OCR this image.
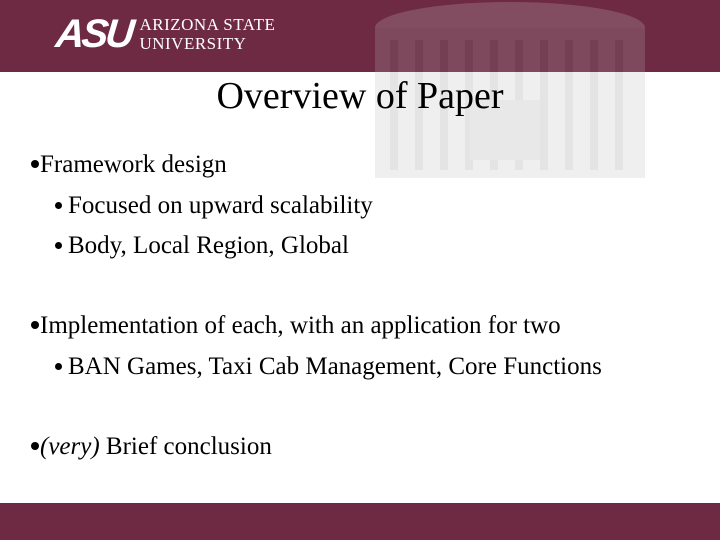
ASU ARIZONA STATE
UNIVERSITY
Overview of Paper
Framework design
Focused on upward scalability
Body, Local Region, Global
Implementation of each, with an application for two
BAN Games, Taxi Cab Management, Core Functions
(very) Brief conclusion
